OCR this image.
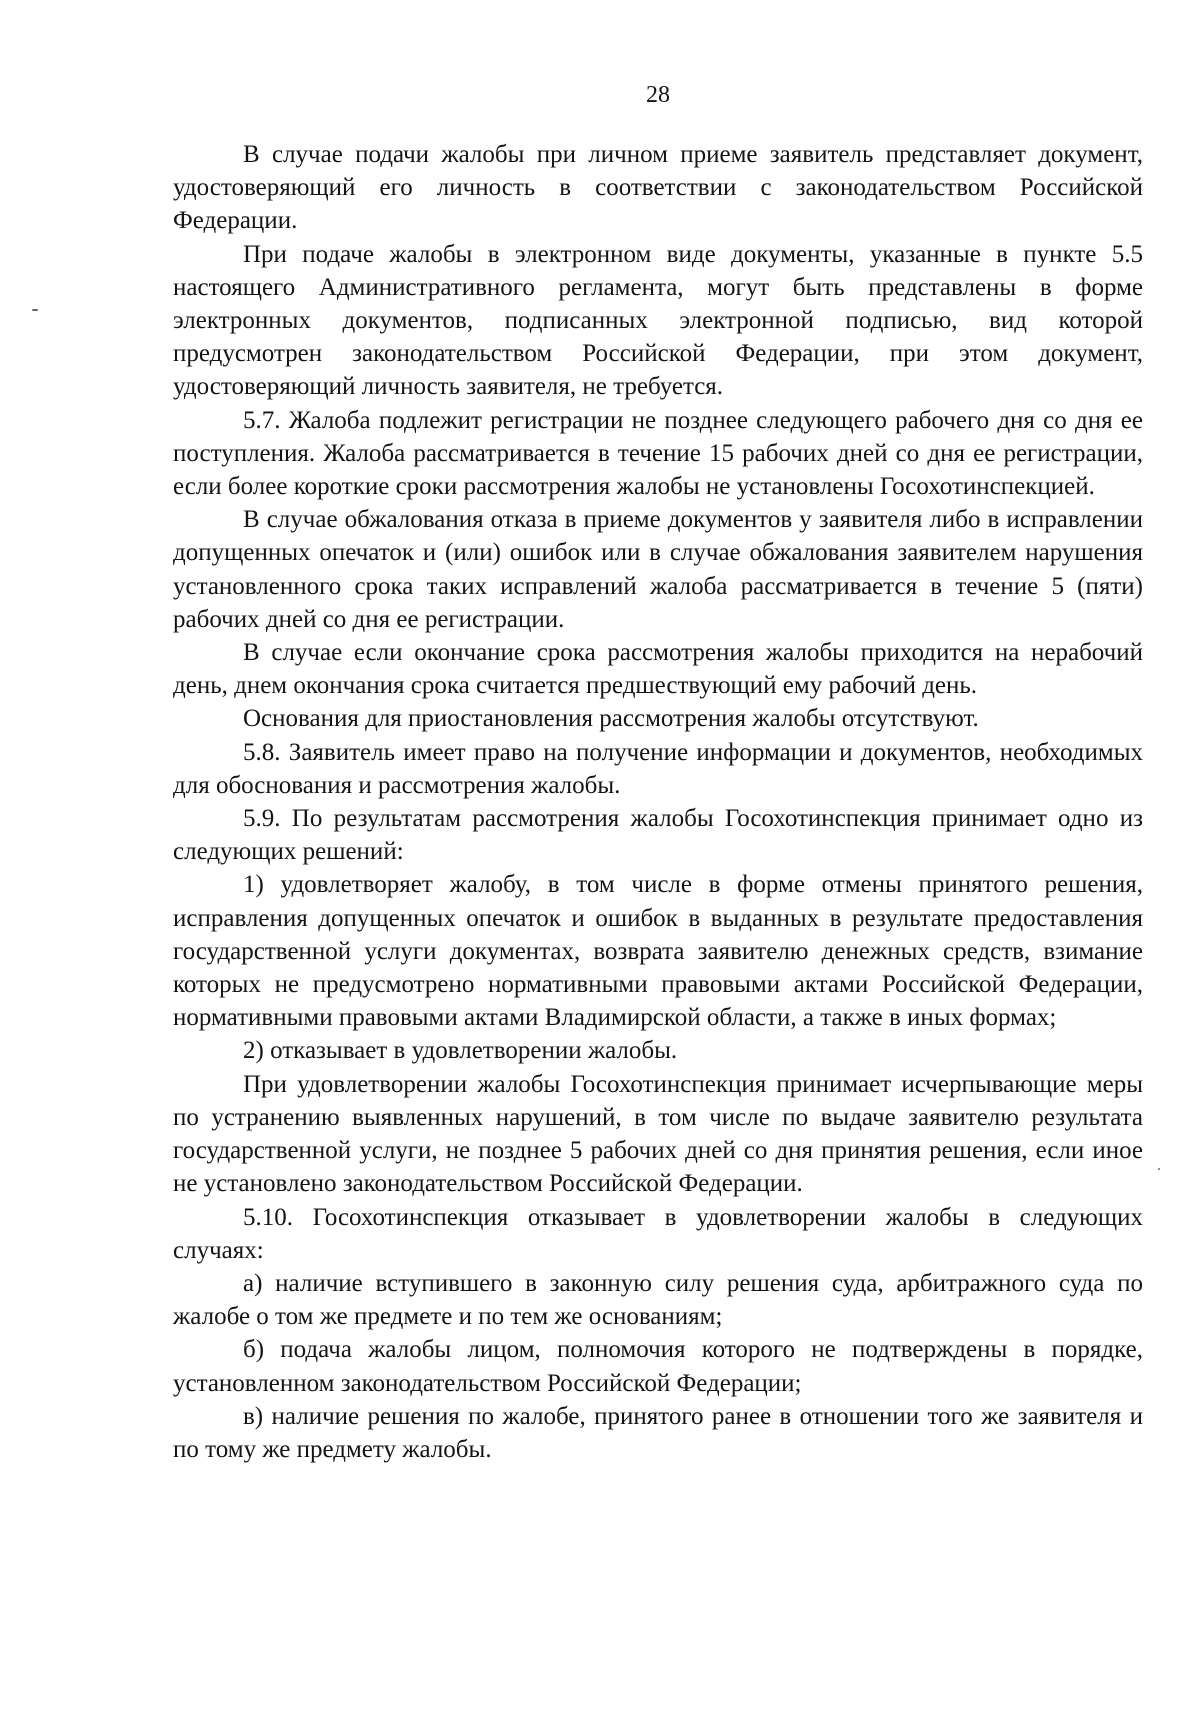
28

В случае подачи жалобы при личном приеме заявитель представляет документ, удостоверяющий его личность в соответствии с законодательством Российской Федерации.

При подаче жалобы в электронном виде документы, указанные в пункте 5.5 настоящего Административного регламента, могут быть представлены в форме электронных документов, подписанных электронной подписью, вид которой предусмотрен законодательством Российской Федерации, при этом документ, удостоверяющий личность заявителя, не требуется.

5.7. Жалоба подлежит регистрации не позднее следующего рабочего дня со дня ее поступления. Жалоба рассматривается в течение 15 рабочих дней со дня ее регистрации, если более короткие сроки рассмотрения жалобы не установлены Госохотинспекцией.

В случае обжалования отказа в приеме документов у заявителя либо в исправлении допущенных опечаток и (или) ошибок или в случае обжалования заявителем нарушения установленного срока таких исправлений жалоба рассматривается в течение 5 (пяти) рабочих дней со дня ее регистрации.

В случае если окончание срока рассмотрения жалобы приходится на нерабочий день, днем окончания срока считается предшествующий ему рабочий день.

Основания для приостановления рассмотрения жалобы отсутствуют.

5.8. Заявитель имеет право на получение информации и документов, необходимых для обоснования и рассмотрения жалобы.

5.9. По результатам рассмотрения жалобы Госохотинспекция принимает одно из следующих решений:

1) удовлетворяет жалобу, в том числе в форме отмены принятого решения, исправления допущенных опечаток и ошибок в выданных в результате предоставления государственной услуги документах, возврата заявителю денежных средств, взимание которых не предусмотрено нормативными правовыми актами Российской Федерации, нормативными правовыми актами Владимирской области, а также в иных формах;

2) отказывает в удовлетворении жалобы.

При удовлетворении жалобы Госохотинспекция принимает исчерпывающие меры по устранению выявленных нарушений, в том числе по выдаче заявителю результата государственной услуги, не позднее 5 рабочих дней со дня принятия решения, если иное не установлено законодательством Российской Федерации.

5.10. Госохотинспекция отказывает в удовлетворении жалобы в следующих случаях:

а) наличие вступившего в законную силу решения суда, арбитражного суда по жалобе о том же предмете и по тем же основаниям;

б) подача жалобы лицом, полномочия которого не подтверждены в порядке, установленном законодательством Российской Федерации;

в) наличие решения по жалобе, принятого ранее в отношении того же заявителя и по тому же предмету жалобы.
